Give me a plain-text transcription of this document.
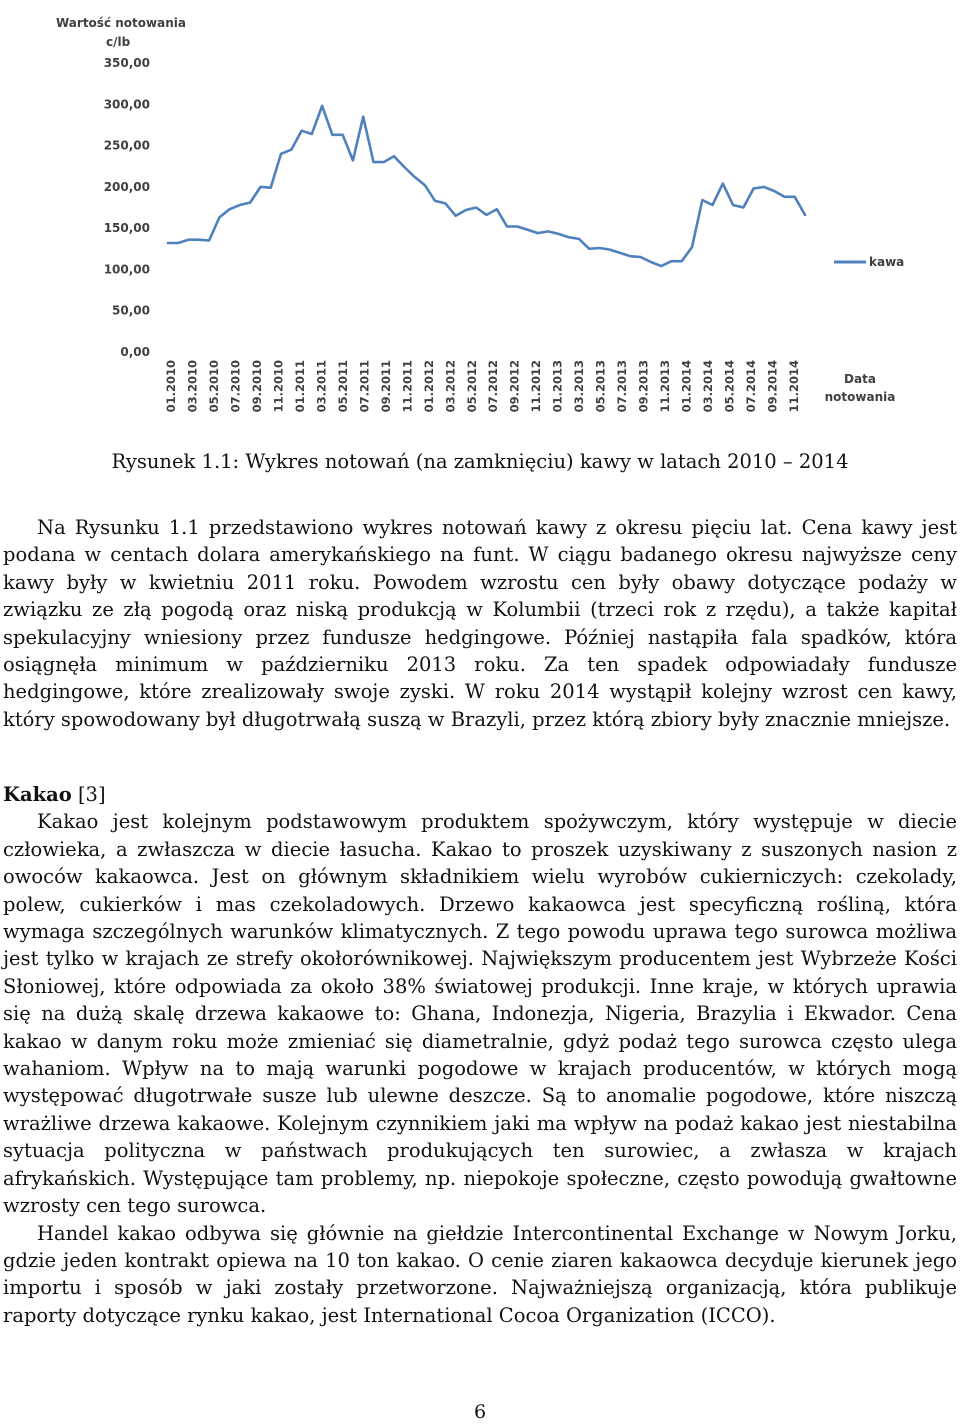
Wartość notowania
c/lb
0,00
50,00
100,00
150,00
200,00
250,00
300,00
350,00
01.2010 03.2010 05.2010 07.2010 09.2010 11.2010 01.2011 03.2011 05.2011 07.2011 09.2011 11.2011 01.2012 03.2012 05.2012 07.2012 09.2012 11.2012 01.2013 03.2013 05.2013 07.2013 09.2013 11.2013 01.2014 03.2014 05.2014 07.2014 09.2014 11.2014
kawa
Data
notowania
Rysunek 1.1: Wykres notowań (na zamknięciu) kawy w latach 2010 – 2014

Na Rysunku 1.1 przedstawiono wykres notowań kawy z okresu pięciu lat. Cena kawy jest podana w centach dolara amerykańskiego na funt. W ciągu badanego okresu najwyższe ceny kawy były w kwietniu 2011 roku. Powodem wzrostu cen były obawy dotyczące podaży w związku ze złą pogodą oraz niską produkcją w Kolumbii (trzeci rok z rzędu), a także kapitał spekulacyjny wniesiony przez fundusze hedgingowe. Później nastąpiła fala spadków, która osiągnęła minimum w październiku 2013 roku. Za ten spadek odpowiadały fundusze hedgingowe, które zrealizowały swoje zyski. W roku 2014 wystąpił kolejny wzrost cen kawy, który spowodowany był długotrwałą suszą w Brazyli, przez którą zbiory były znacznie mniejsze.

Kakao [3]

Kakao jest kolejnym podstawowym produktem spożywczym, który występuje w diecie człowieka, a zwłaszcza w diecie łasucha. Kakao to proszek uzyskiwany z suszonych nasion z owoców kakaowca. Jest on głównym składnikiem wielu wyrobów cukierniczych: czekolady, polew, cukierków i mas czekoladowych. Drzewo kakaowca jest specyficzną rośliną, która wymaga szczególnych warunków klimatycznych. Z tego powodu uprawa tego surowca możliwa jest tylko w krajach ze strefy okołorównikowej. Największym producentem jest Wybrzeże Kości Słoniowej, które odpowiada za około 38% światowej produkcji. Inne kraje, w których uprawia się na dużą skalę drzewa kakaowe to: Ghana, Indonezja, Nigeria, Brazylia i Ekwador. Cena kakao w danym roku może zmieniać się diametralnie, gdyż podaż tego surowca często ulega wahaniom. Wpływ na to mają warunki pogodowe w krajach producentów, w których mogą występować długotrwałe susze lub ulewne deszcze. Są to anomalie pogodowe, które niszczą wrażliwe drzewa kakaowe. Kolejnym czynnikiem jaki ma wpływ na podaż kakao jest niestabilna sytuacja polityczna w państwach produkujących ten surowiec, a zwłasza w krajach afrykańskich. Występujące tam problemy, np. niepokoje społeczne, często powodują gwałtowne wzrosty cen tego surowca.

Handel kakao odbywa się głównie na giełdzie Intercontinental Exchange w Nowym Jorku, gdzie jeden kontrakt opiewa na 10 ton kakao. O cenie ziaren kakaowca decyduje kierunek jego importu i sposób w jaki zostały przetworzone. Najważniejszą organizacją, która publikuje raporty dotyczące rynku kakao, jest International Cocoa Organization (ICCO).

6
